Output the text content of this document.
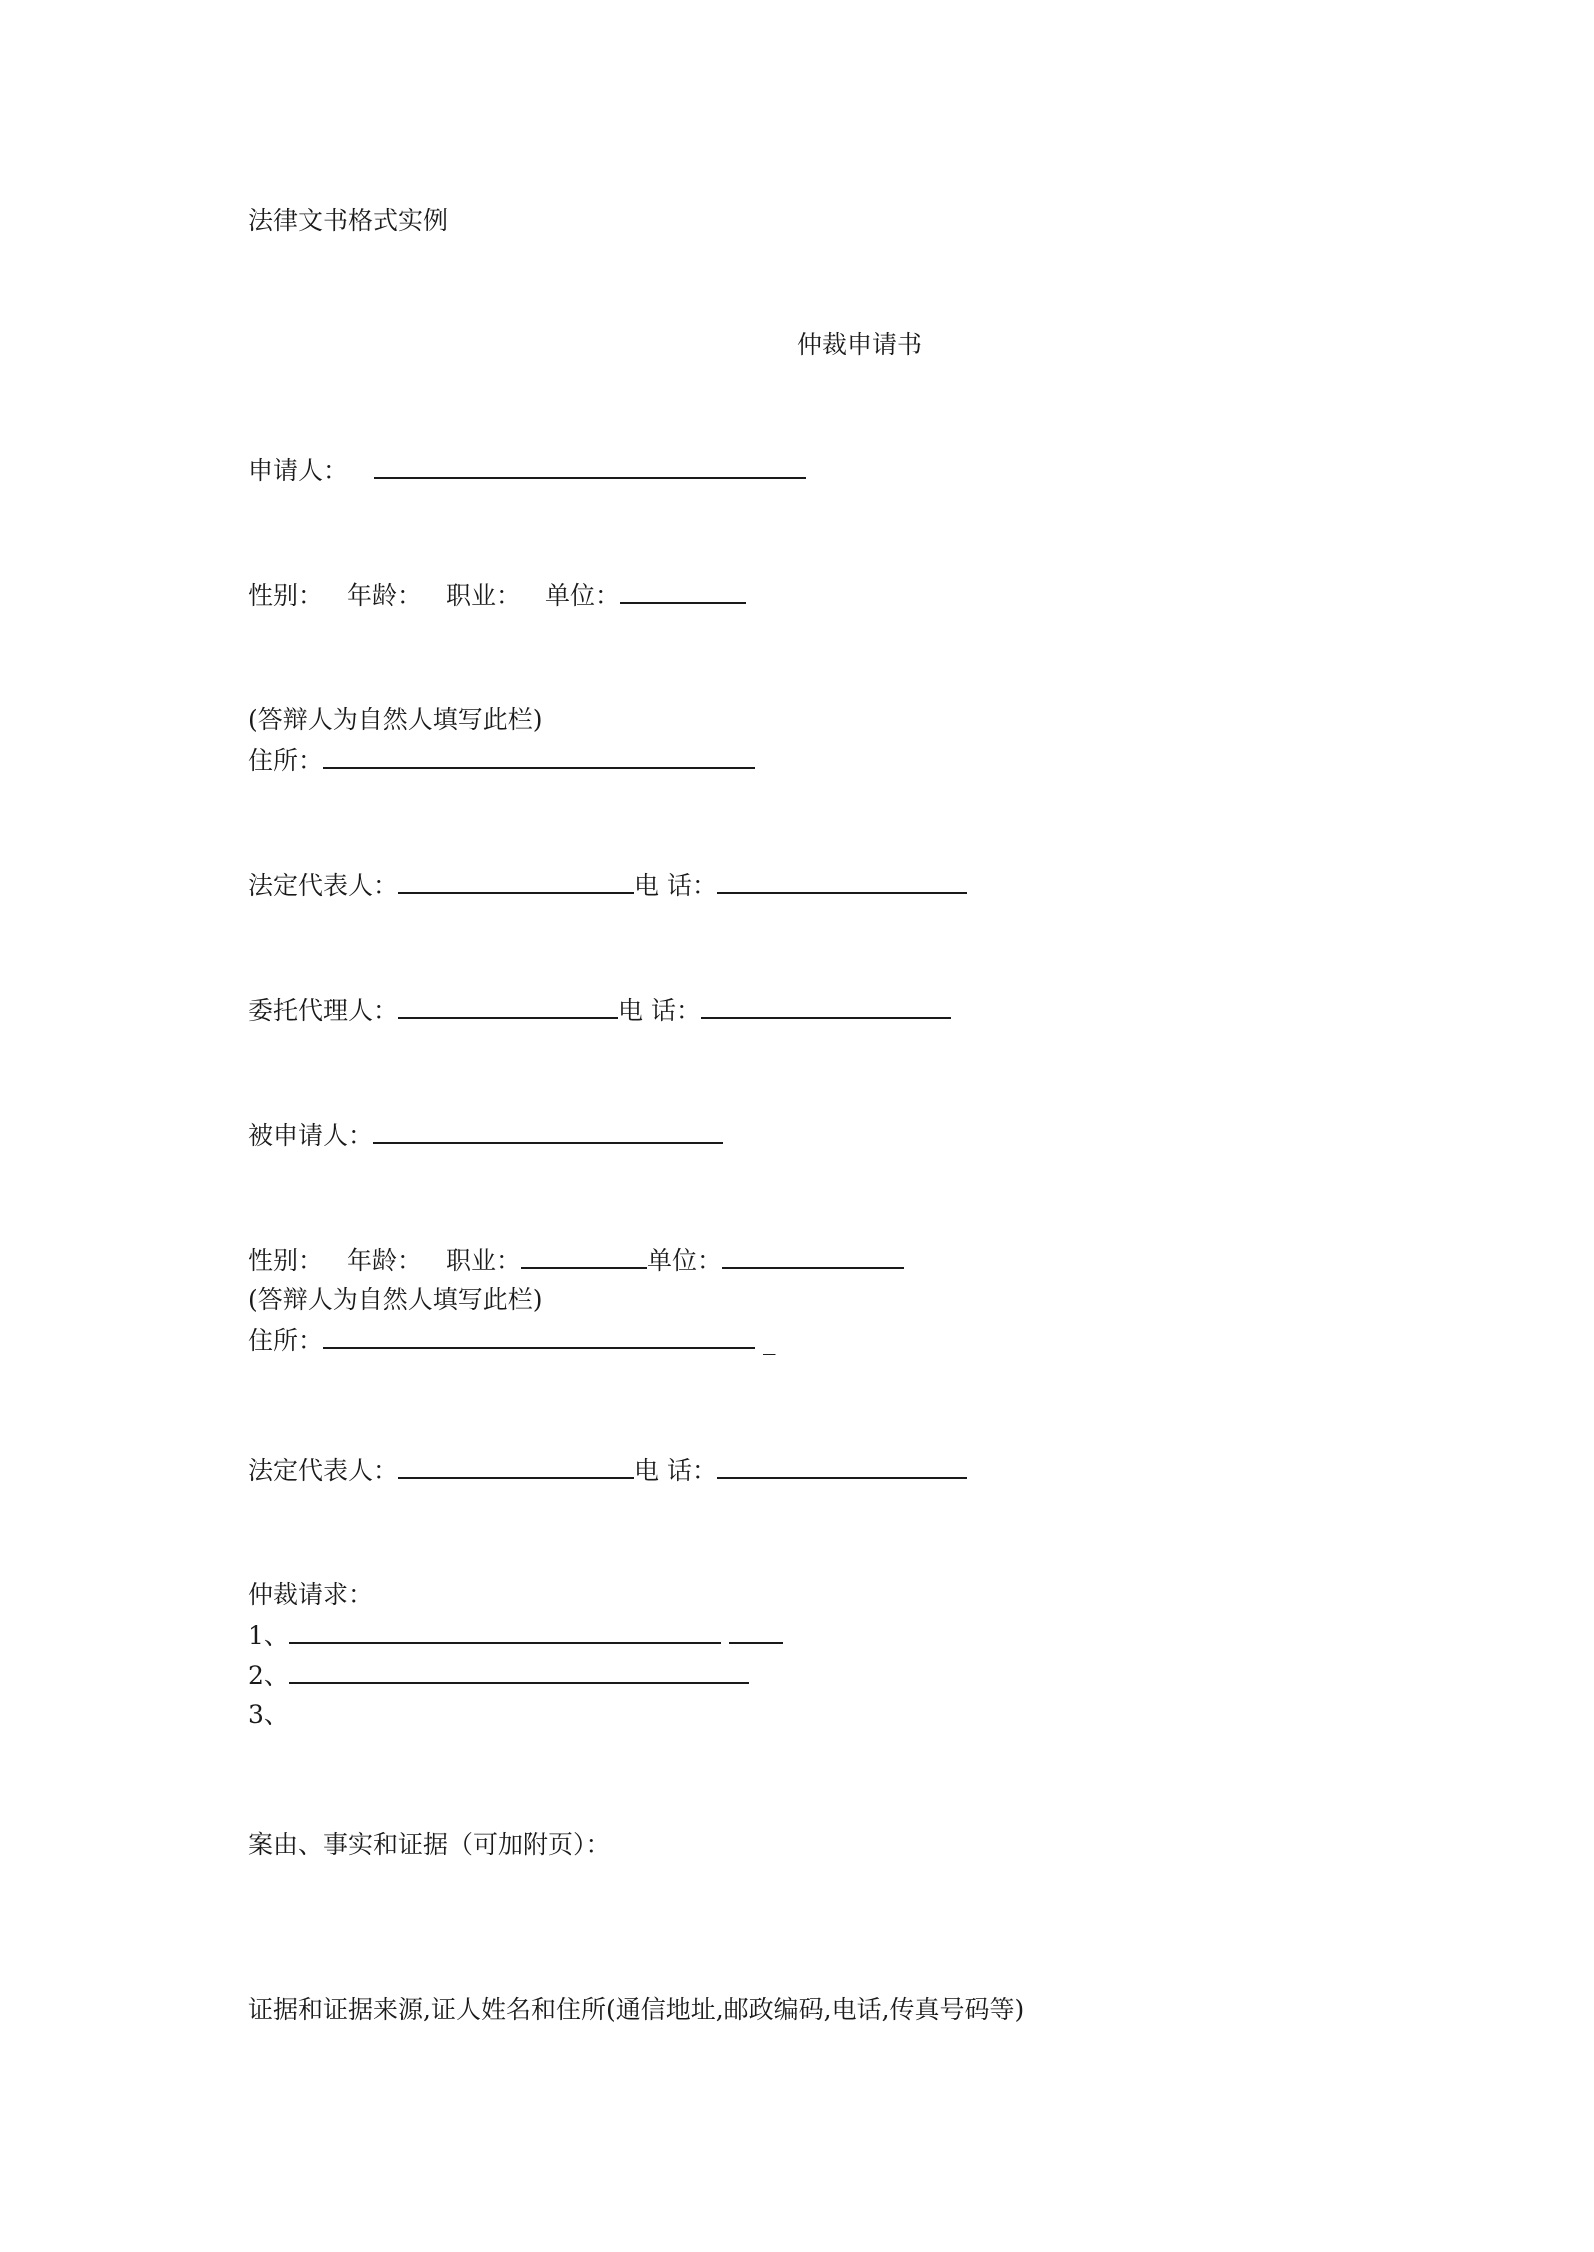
法律文书格式实例
仲裁申请书
申请人：
性别： 年龄： 职业： 单位：
(答辩人为自然人填写此栏)
住所：
法定代表人：	电 话：
委托代理人：	电 话：
被申请人：
性别： 年龄： 职业：	单位：
(答辩人为自然人填写此栏)
住所：	_
法定代表人：	电 话：
仲裁请求：
1、
2、
3、
案由、事实和证据（可加附页）：
证据和证据来源,证人姓名和住所(通信地址,邮政编码,电话,传真号码等)
